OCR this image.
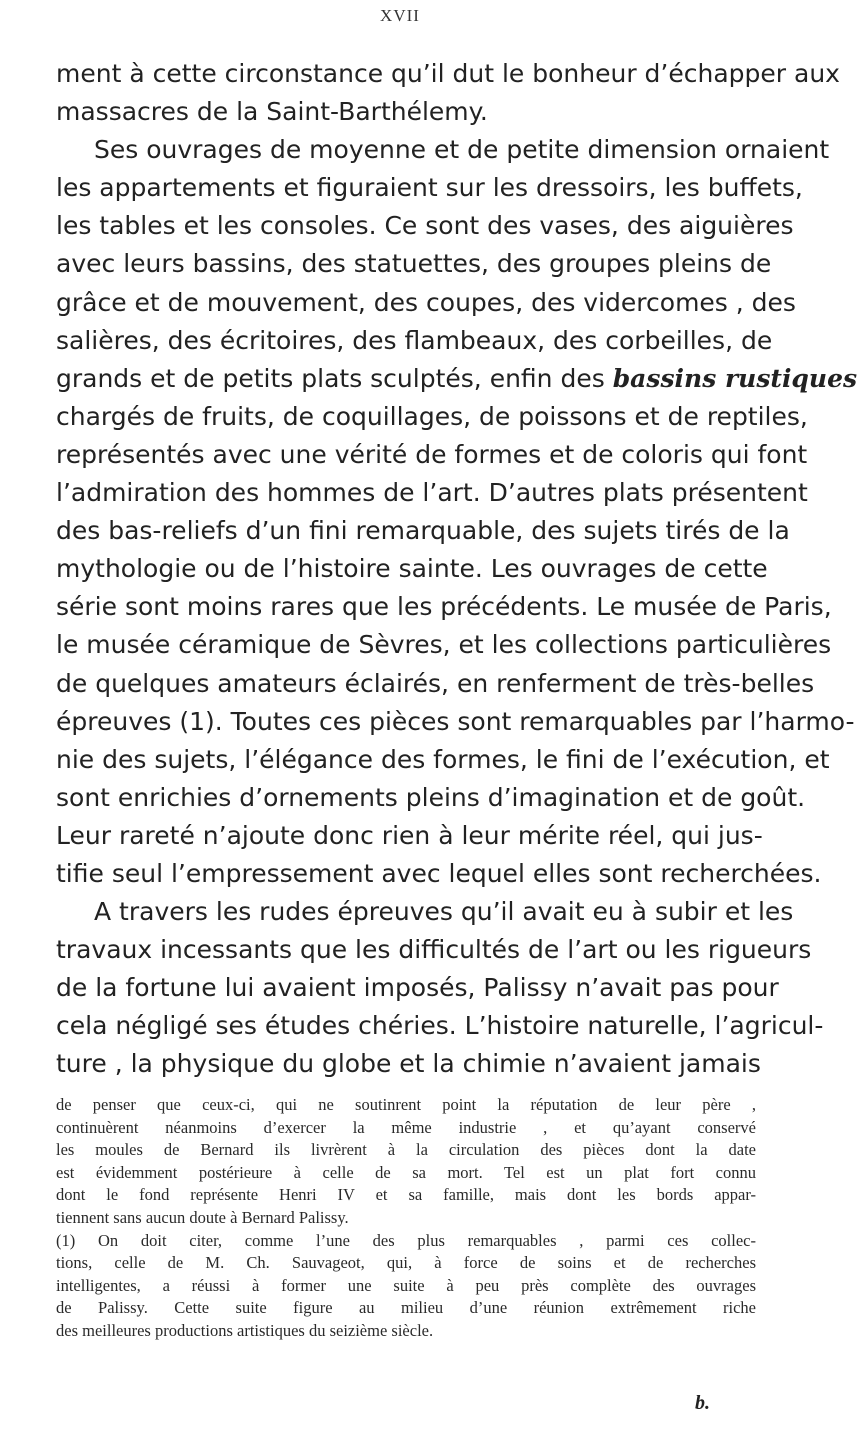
XVII
ment à cette circonstance qu’il dut le bonheur d’échapper aux
massacres de la Saint-Barthélemy.
Ses ouvrages de moyenne et de petite dimension ornaient
les appartements et figuraient sur les dressoirs, les buffets,
les tables et les consoles. Ce sont des vases, des aiguières
avec leurs bassins, des statuettes, des groupes pleins de
grâce et de mouvement, des coupes, des vidercomes , des
salières, des écritoires, des flambeaux, des corbeilles, de
grands et de petits plats sculptés, enfin des bassins rustiques
chargés de fruits, de coquillages, de poissons et de reptiles,
représentés avec une vérité de formes et de coloris qui font
l’admiration des hommes de l’art. D’autres plats présentent
des bas-reliefs d’un fini remarquable, des sujets tirés de la
mythologie ou de l’histoire sainte. Les ouvrages de cette
série sont moins rares que les précédents. Le musée de Paris,
le musée céramique de Sèvres, et les collections particulières
de quelques amateurs éclairés, en renferment de très-belles
épreuves (1). Toutes ces pièces sont remarquables par l’harmo-
nie des sujets, l’élégance des formes, le fini de l’exécution, et
sont enrichies d’ornements pleins d’imagination et de goût.
Leur rareté n’ajoute donc rien à leur mérite réel, qui jus-
tifie seul l’empressement avec lequel elles sont recherchées.
A travers les rudes épreuves qu’il avait eu à subir et les
travaux incessants que les difficultés de l’art ou les rigueurs
de la fortune lui avaient imposés, Palissy n’avait pas pour
cela négligé ses études chéries. L’histoire naturelle, l’agricul-
ture , la physique du globe et la chimie n’avaient jamais
de penser que ceux-ci, qui ne soutinrent point la réputation de leur père ,
continuèrent néanmoins d’exercer la même industrie , et qu’ayant conservé
les moules de Bernard ils livrèrent à la circulation des pièces dont la date
est évidemment postérieure à celle de sa mort. Tel est un plat fort connu
dont le fond représente Henri IV et sa famille, mais dont les bords appar-
tiennent sans aucun doute à Bernard Palissy.
(1) On doit citer, comme l’une des plus remarquables , parmi ces collec-
tions, celle de M. Ch. Sauvageot, qui, à force de soins et de recherches
intelligentes, a réussi à former une suite à peu près complète des ouvrages
de Palissy. Cette suite figure au milieu d’une réunion extrêmement riche
des meilleures productions artistiques du seizième siècle.
b.
